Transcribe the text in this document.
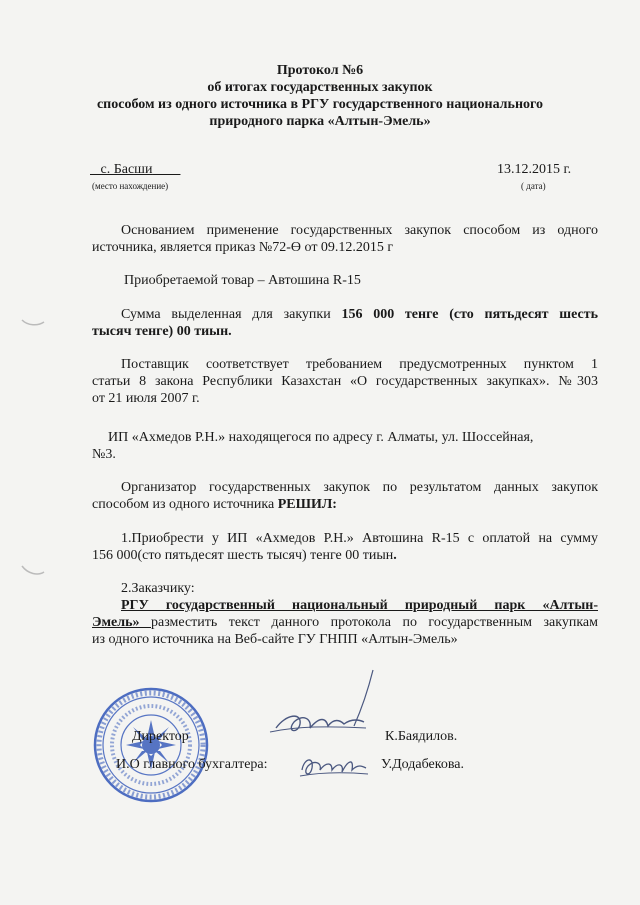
Протокол №6
об итогах государственных закупок
способом из одного источника в РГУ государственного национального
природного парка «Алтын-Эмель»
с. Басши
(место нахождение)
13.12.2015 г.
( дата)
Основанием применение государственных закупок способом из одного
источника, является приказ №72-Ө от 09.12.2015 г
Приобретаемой товар – Автошина R-15
Сумма выделенная для закупки 156 000 тенге (сто пятьдесят шесть
тысяч тенге) 00 тиын.
Поставщик соответствует требованием предусмотренных пунктом 1
статьи 8 закона Республики Казахстан «О государственных закупках». №303
от 21 июля 2007 г.
ИП «Ахмедов Р.Н.» находящегося по адресу г. Алматы, ул. Шоссейная,
№3.
Организатор государственных закупок по результатом данных закупок
способом из одного источника РЕШИЛ:
1.Приобрести у ИП «Ахмедов Р.Н.» Автошина R-15 с оплатой на сумму
156 000(сто пятьдесят шесть тысяч) тенге 00 тиын.
2.Заказчику:
РГУ государственный национальный природный парк «Алтын-
Эмель» разместить текст данного протокола по государственным закупкам
из одного источника на Веб-сайте ГУ ГНПП «Алтын-Эмель»
Директор	К.Баядилов.
И.О главного бухгалтера:	У.Додабекова.
